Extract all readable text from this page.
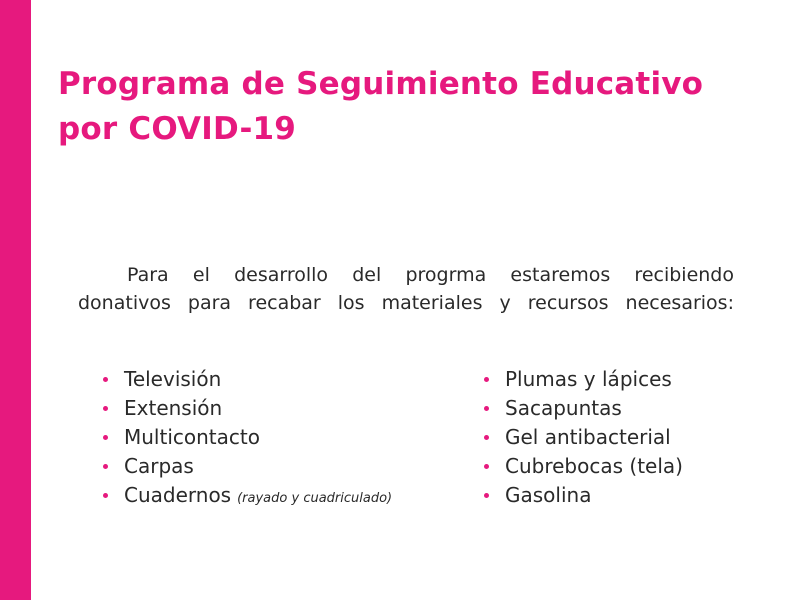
Programa de Seguimiento Educativo
por COVID-19

Para el desarrollo del progrma estaremos recibiendo
donativos para recabar los materiales y recursos necesarios:

Televisión
Extensión
Multicontacto
Carpas
Cuadernos (rayado y cuadriculado)
Plumas y lápices
Sacapuntas
Gel antibacterial
Cubrebocas (tela)
Gasolina
